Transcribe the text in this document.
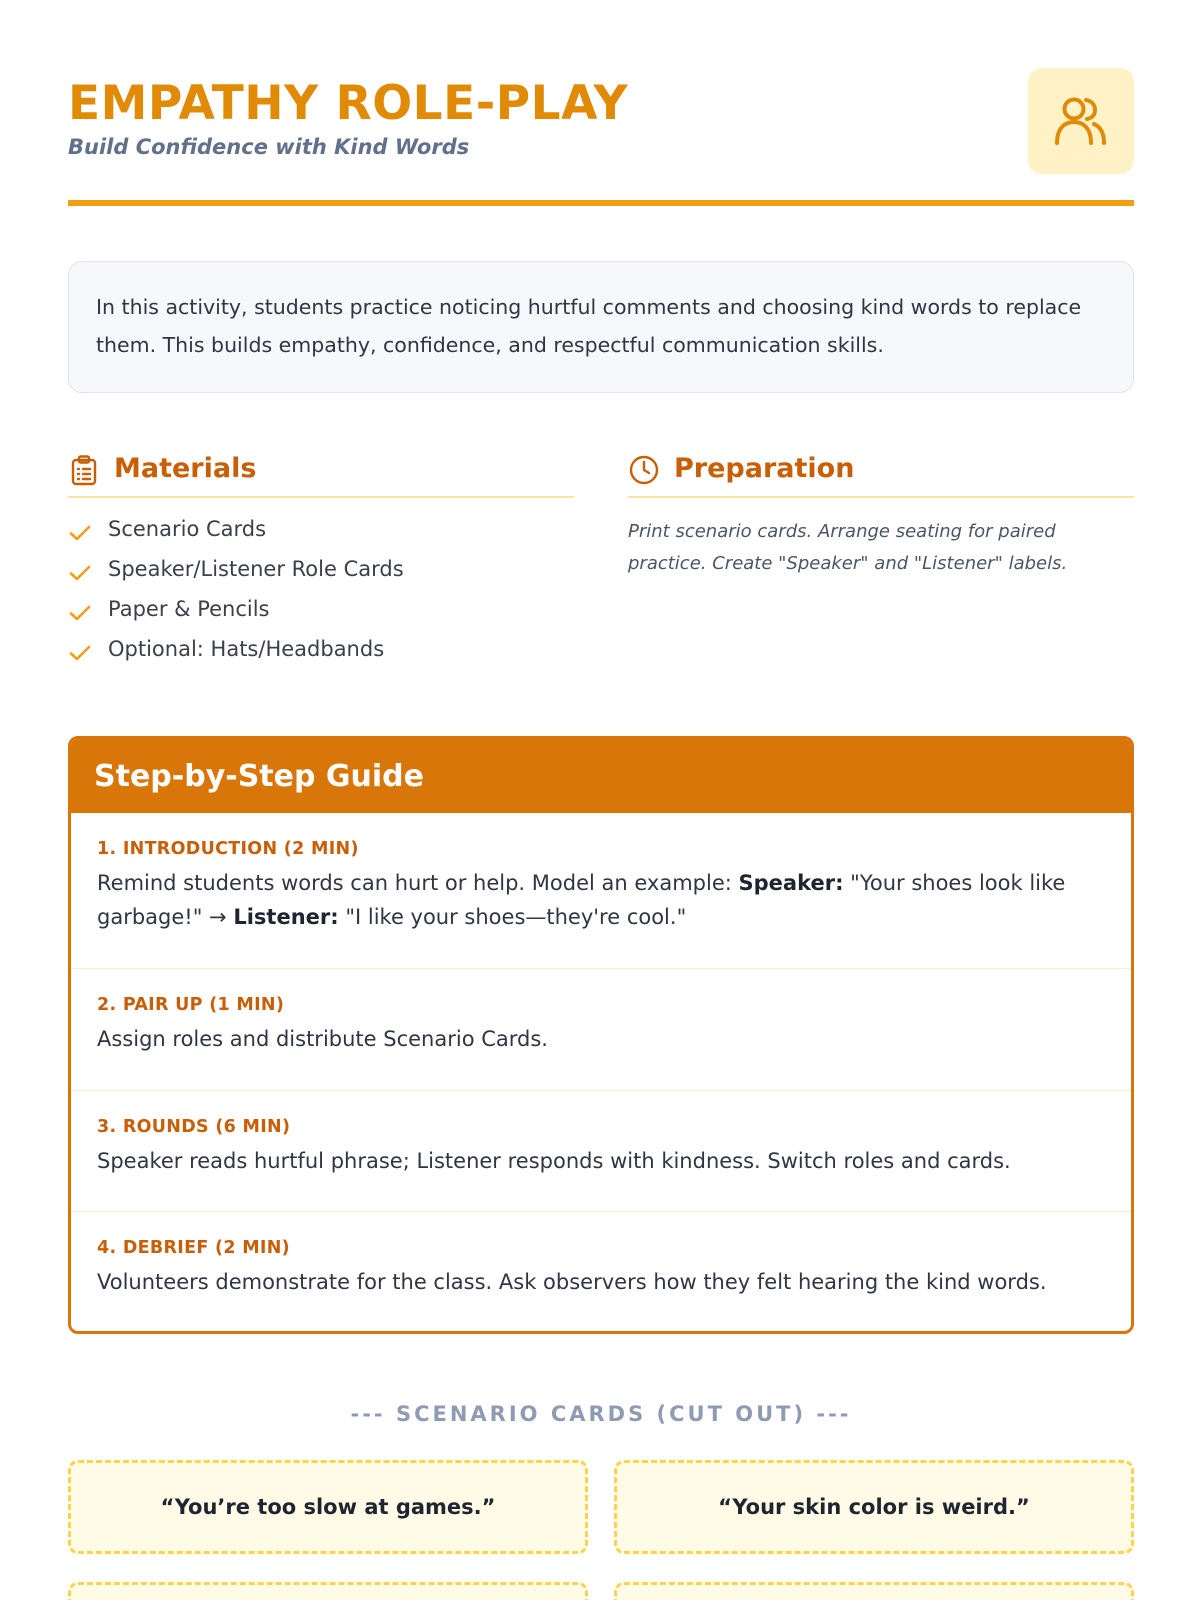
EMPATHY ROLE-PLAY
Build Confidence with Kind Words
In this activity, students practice noticing hurtful comments and choosing kind words to replace them. This builds empathy, confidence, and respectful communication skills.
Materials
Scenario Cards
Speaker/Listener Role Cards
Paper & Pencils
Optional: Hats/Headbands
Preparation
Print scenario cards. Arrange seating for paired practice. Create "Speaker" and "Listener" labels.
Step-by-Step Guide
1. INTRODUCTION (2 MIN)
Remind students words can hurt or help. Model an example: Speaker: "Your shoes look like garbage!" → Listener: "I like your shoes—they're cool."
2. PAIR UP (1 MIN)
Assign roles and distribute Scenario Cards.
3. ROUNDS (6 MIN)
Speaker reads hurtful phrase; Listener responds with kindness. Switch roles and cards.
4. DEBRIEF (2 MIN)
Volunteers demonstrate for the class. Ask observers how they felt hearing the kind words.
--- SCENARIO CARDS (CUT OUT) ---
“You’re too slow at games.”	“Your skin color is weird.”
